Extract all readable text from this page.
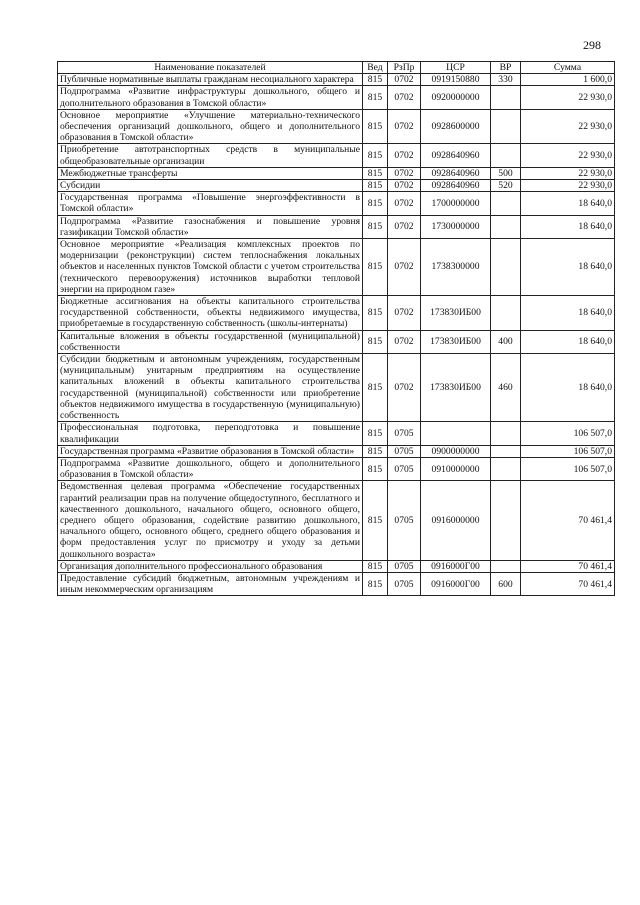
298
Наименование показателей	Вед	РзПр	ЦСР	ВР	Сумма
Публичные нормативные выплаты гражданам несоциального характера	815	0702	0919150880	330	1 600,0
Подпрограмма «Развитие инфраструктуры дошкольного, общего и дополнительного образования в Томской области»	815	0702	0920000000		22 930,0
Основное мероприятие «Улучшение материально-технического обеспечения организаций дошкольного, общего и дополнительного образования в Томской области»	815	0702	0928600000		22 930,0
Приобретение автотранспортных средств в муниципальные общеобразовательные организации	815	0702	0928640960		22 930,0
Межбюджетные трансферты	815	0702	0928640960	500	22 930,0
Субсидии	815	0702	0928640960	520	22 930,0
Государственная программа «Повышение энергоэффективности в Томской области»	815	0702	1700000000		18 640,0
Подпрограмма «Развитие газоснабжения и повышение уровня газификации Томской области»	815	0702	1730000000		18 640,0
Основное мероприятие «Реализация комплексных проектов по модернизации (реконструкции) систем теплоснабжения локальных объектов и населенных пунктов Томской области с учетом строительства (технического перевооружения) источников выработки тепловой энергии на природном газе»	815	0702	1738300000		18 640,0
Бюджетные ассигнования на объекты капитального строительства государственной собственности, объекты недвижимого имущества, приобретаемые в государственную собственность (школы-интернаты)	815	0702	173830ИБ00		18 640,0
Капитальные вложения в объекты государственной (муниципальной) собственности	815	0702	173830ИБ00	400	18 640,0
Субсидии бюджетным и автономным учреждениям, государственным (муниципальным) унитарным предприятиям на осуществление капитальных вложений в объекты капитального строительства государственной (муниципальной) собственности или приобретение объектов недвижимого имущества в государственную (муниципальную) собственность	815	0702	173830ИБ00	460	18 640,0
Профессиональная подготовка, переподготовка и повышение квалификации	815	0705			106 507,0
Государственная программа «Развитие образования в Томской области»	815	0705	0900000000		106 507,0
Подпрограмма «Развитие дошкольного, общего и дополнительного образования в Томской области»	815	0705	0910000000		106 507,0
Ведомственная целевая программа «Обеспечение государственных гарантий реализации прав на получение общедоступного, бесплатного и качественного дошкольного, начального общего, основного общего, среднего общего образования, содействие развитию дошкольного, начального общего, основного общего, среднего общего образования и форм предоставления услуг по присмотру и уходу за детьми дошкольного возраста»	815	0705	0916000000		70 461,4
Организация дополнительного профессионального образования	815	0705	0916000Г00		70 461,4
Предоставление субсидий бюджетным, автономным учреждениям и иным некоммерческим организациям	815	0705	0916000Г00	600	70 461,4
